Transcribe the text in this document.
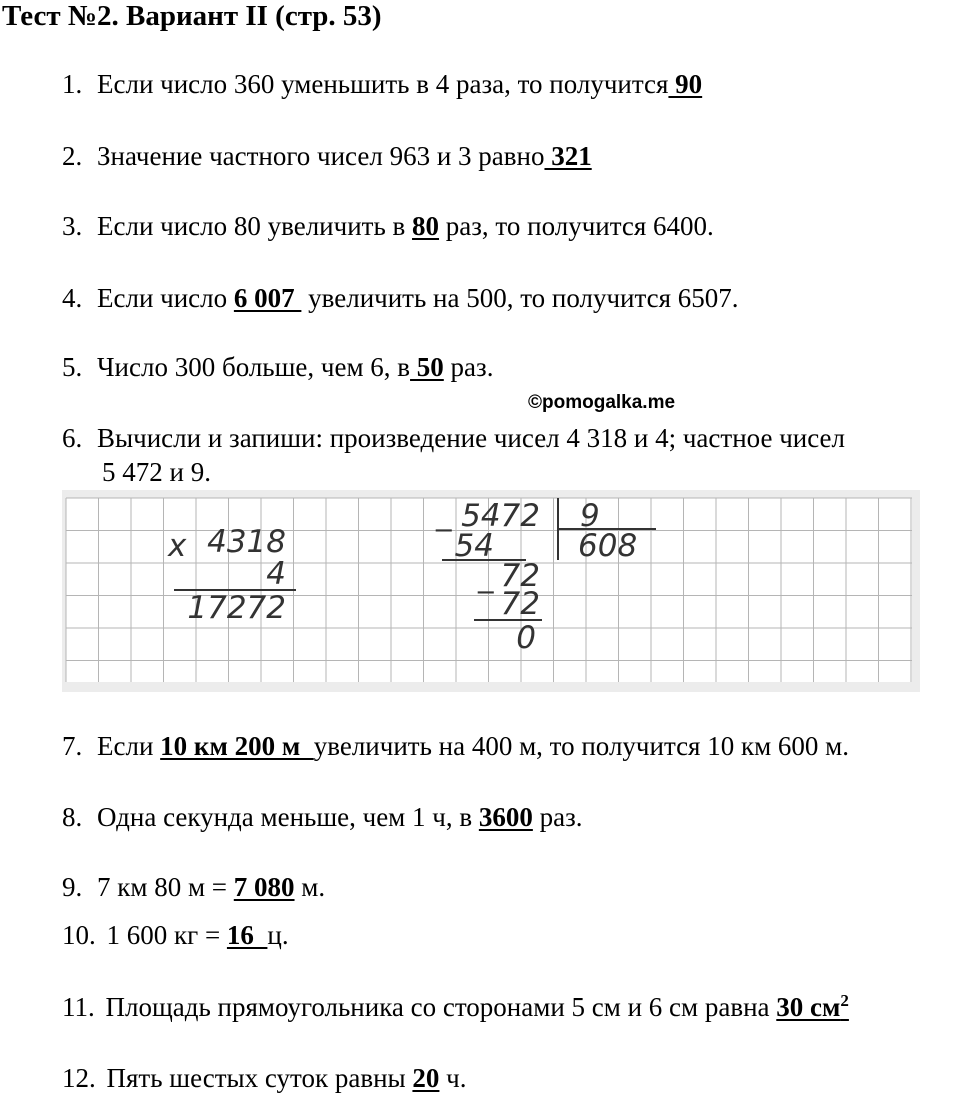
Тест №2. Вариант II (стр. 53)
1. Если число 360 уменьшить в 4 раза, то получится 90
2. Значение частного чисел 963 и 3 равно 321
3. Если число 80 увеличить в 80 раз, то получится 6400.
4. Если число 6 007  увеличить на 500, то получится 6507.
5. Число 300 больше, чем 6, в 50 раз.
©pomogalka.me
6. Вычисли и запиши: произведение чисел 4 318 и 4; частное чисел
5 472 и 9.
x 4318
4
17272
_ 5472 9
608
54
_ 72
72
0
7. Если 10 км 200 м  увеличить на 400 м, то получится 10 км 600 м.
8. Одна секунда меньше, чем 1 ч, в 3600 раз.
9. 7 км 80 м = 7 080 м.
10. 1 600 кг = 16  ц.
11. Площадь прямоугольника со сторонами 5 см и 6 см равна 30 $см^2$
12. Пять шестых суток равны 20 ч.
